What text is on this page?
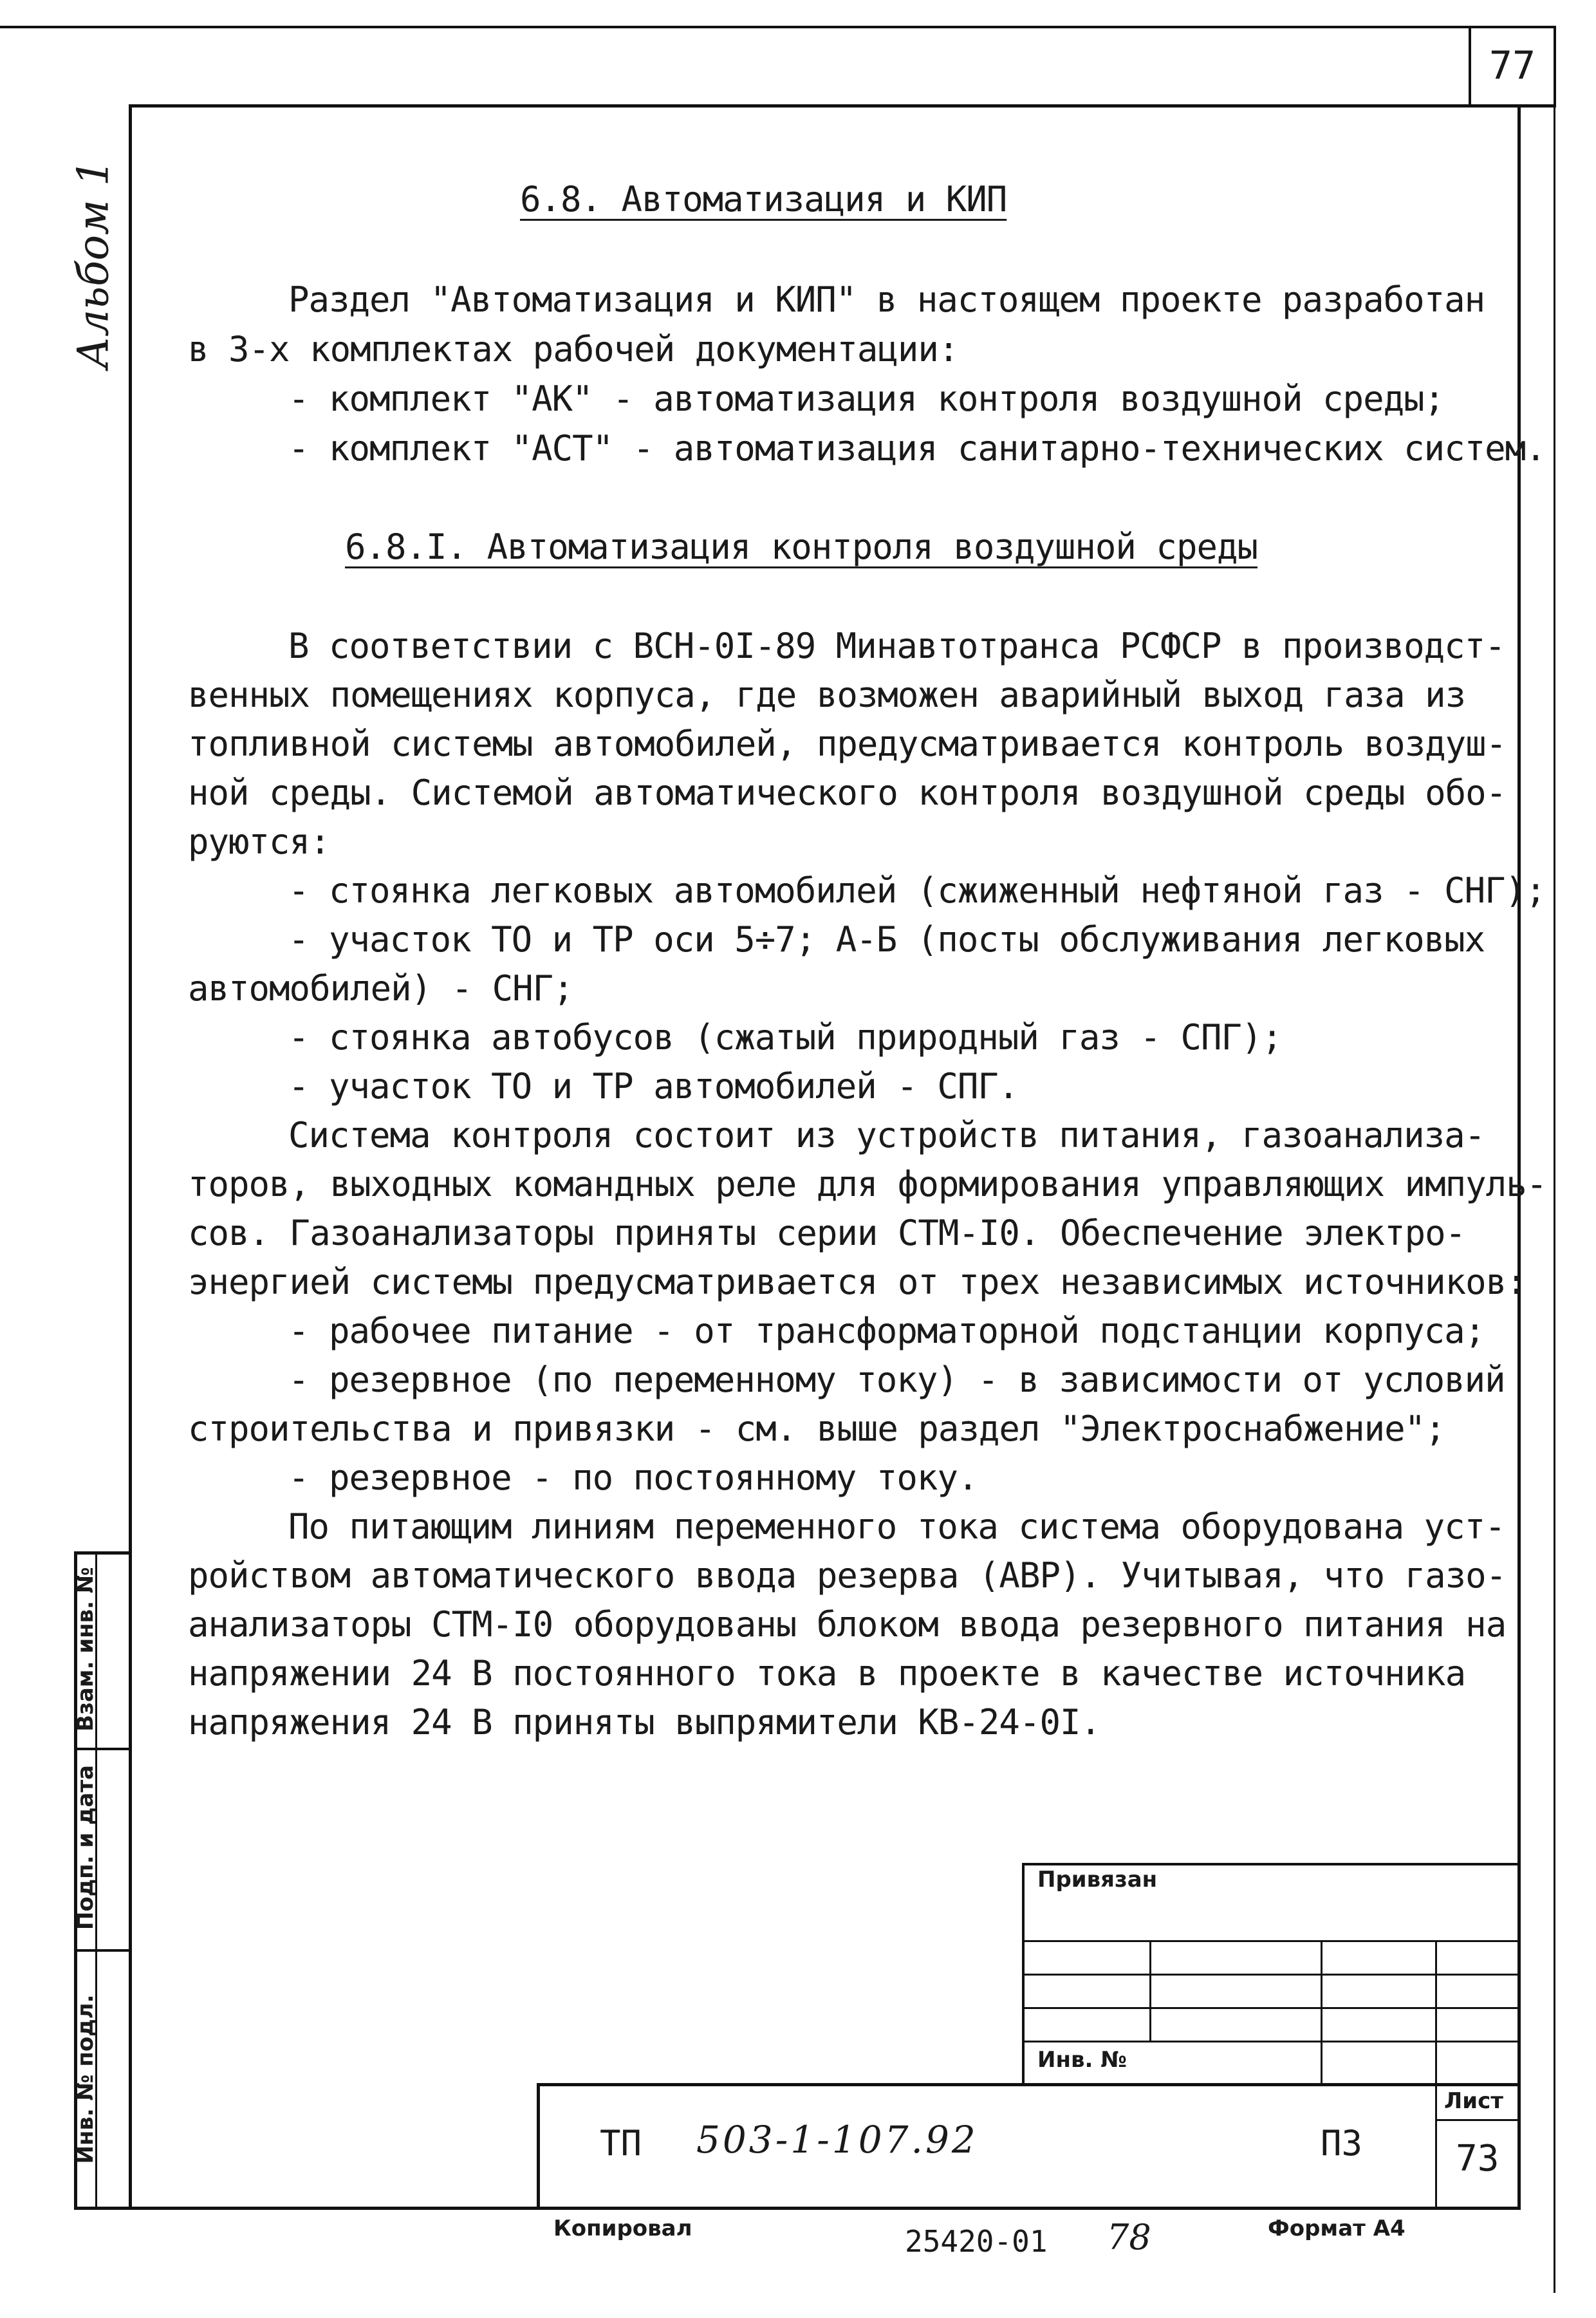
77
Альбом 1
Взам. инв. №
Подп. и дата
Инв. № подл.
6.8. Автоматизация и КИП
Раздел "Автоматизация и КИП" в настоящем проекте разработан
в 3-х комплектах рабочей документации:
- комплект "АК" - автоматизация контроля воздушной среды;
- комплект "АСТ" - автоматизация санитарно-технических систем.
6.8.I. Автоматизация контроля воздушной среды
В соответствии с ВСН-0I-89 Минавтотранса РСФСР в производст-
венных помещениях корпуса, где возможен аварийный выход газа из
топливной системы автомобилей, предусматривается контроль воздуш-
ной среды. Системой автоматического контроля воздушной среды обо-
руются:
- стоянка легковых автомобилей (сжиженный нефтяной газ - СНГ);
- участок ТО и ТР оси 5÷7; А-Б (посты обслуживания легковых
автомобилей) - СНГ;
- стоянка автобусов (сжатый природный газ - СПГ);
- участок ТО и ТР автомобилей - СПГ.
Система контроля состоит из устройств питания, газоанализа-
торов, выходных командных реле для формирования управляющих импуль-
сов. Газоанализаторы приняты серии СТМ-I0. Обеспечение электро-
энергией системы предусматривается от трех независимых источников:
- рабочее питание - от трансформаторной подстанции корпуса;
- резервное (по переменному току) - в зависимости от условий
строительства и привязки - см. выше раздел "Электроснабжение";
- резервное - по постоянному току.
По питающим линиям переменного тока система оборудована уст-
ройством автоматического ввода резерва (АВР). Учитывая, что газо-
анализаторы СТМ-I0 оборудованы блоком ввода резервного питания на
напряжении 24 В постоянного тока в проекте в качестве источника
напряжения 24 В приняты выпрямители КВ-24-0I.
Привязан
Инв. №
ТП 503-1-107.92	ПЗ
Лист
73
Копировал	25420-01 78	Формат А4
